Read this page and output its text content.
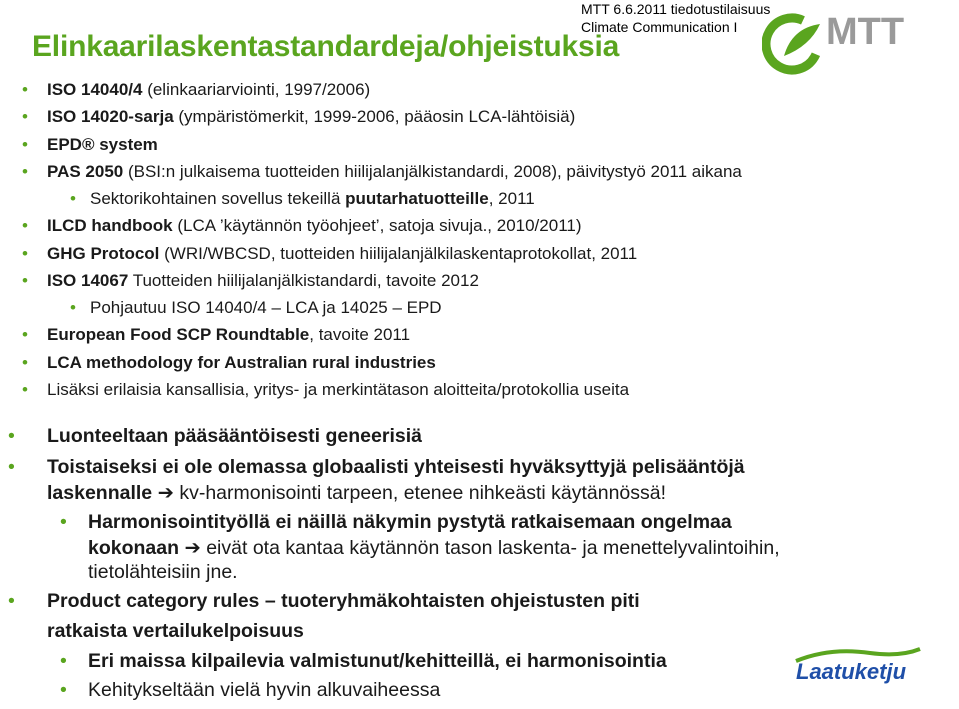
MTT 6.6.2011 tiedotustilaisuus
Climate Communication I
Elinkaarilaskentastandardeja/ohjeistuksia	MTT
Laatuketju
• ISO 14040/4 (elinkaariarviointi, 1997/2006)
• ISO 14020-sarja (ympäristömerkit, 1999-2006, pääosin LCA-lähtöisiä)
• EPD® system
• PAS 2050 (BSI:n julkaisema tuotteiden hiilijalanjälkistandardi, 2008), päivitystyö 2011 aikana
• Sektorikohtainen sovellus tekeillä puutarhatuotteille, 2011
• ILCD handbook (LCA ’käytännön työohjeet’, satoja sivuja., 2010/2011)
• GHG Protocol (WRI/WBCSD, tuotteiden hiilijalanjälkilaskentaprotokollat, 2011
• ISO 14067 Tuotteiden hiilijalanjälkistandardi, tavoite 2012
• Pohjautuu ISO 14040/4 – LCA ja 14025 – EPD
• European Food SCP Roundtable, tavoite 2011
• LCA methodology for Australian rural industries
• Lisäksi erilaisia kansallisia, yritys- ja merkintätason aloitteita/protokollia useita
• Luonteeltaan pääsääntöisesti geneerisiä
• Toistaiseksi ei ole olemassa globaalisti yhteisesti hyväksyttyjä pelisääntöjä
laskennalle ➔ kv-harmonisointi tarpeen, etenee nihkeästi käytännössä!
• Harmonisointityöllä ei näillä näkymin pystytä ratkaisemaan ongelmaa
kokonaan ➔ eivät ota kantaa käytännön tason laskenta- ja menettelyvalintoihin,
tietolähteisiin jne.
• Product category rules – tuoteryhmäkohtaisten ohjeistusten piti
ratkaista vertailukelpoisuus
• Eri maissa kilpailevia valmistunut/kehitteillä, ei harmonisointia
• Kehitykseltään vielä hyvin alkuvaiheessa
